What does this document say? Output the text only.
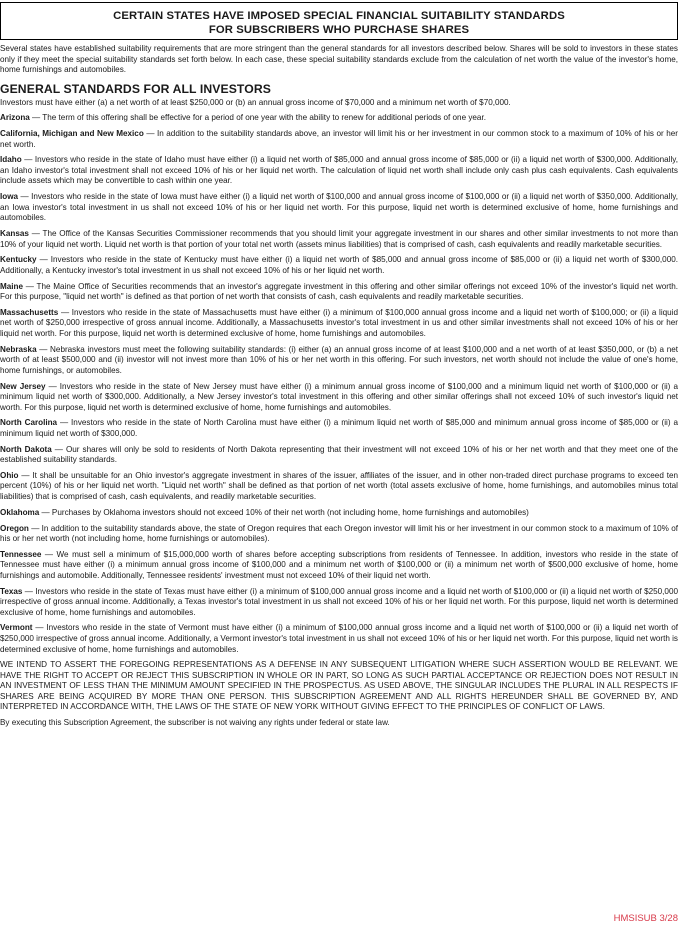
CERTAIN STATES HAVE IMPOSED SPECIAL FINANCIAL SUITABILITY STANDARDS
FOR SUBSCRIBERS WHO PURCHASE SHARES

Several states have established suitability requirements that are more stringent than the general standards for all investors described below. Shares will be sold to investors in these states only if they meet the special suitability standards set forth below. In each case, these special suitability standards exclude from the calculation of net worth the value of the investor's home, home furnishings and automobiles.

GENERAL STANDARDS FOR ALL INVESTORS

Investors must have either (a) a net worth of at least $250,000 or (b) an annual gross income of $70,000 and a minimum net worth of $70,000.

Arizona — The term of this offering shall be effective for a period of one year with the ability to renew for additional periods of one year.

California, Michigan and New Mexico — In addition to the suitability standards above, an investor will limit his or her investment in our common stock to a maximum of 10% of his or her net worth.

Idaho — Investors who reside in the state of Idaho must have either (i) a liquid net worth of $85,000 and annual gross income of $85,000 or (ii) a liquid net worth of $300,000. Additionally, an Idaho investor's total investment shall not exceed 10% of his or her liquid net worth. The calculation of liquid net worth shall include only cash plus cash equivalents. Cash equivalents include assets which may be convertible to cash within one year.

Iowa — Investors who reside in the state of Iowa must have either (i) a liquid net worth of $100,000 and annual gross income of $100,000 or (ii) a liquid net worth of $350,000. Additionally, an Iowa investor's total investment in us shall not exceed 10% of his or her liquid net worth. For this purpose, liquid net worth is determined exclusive of home, home furnishings and automobiles.

Kansas — The Office of the Kansas Securities Commissioner recommends that you should limit your aggregate investment in our shares and other similar investments to not more than 10% of your liquid net worth. Liquid net worth is that portion of your total net worth (assets minus liabilities) that is comprised of cash, cash equivalents and readily marketable securities.

Kentucky — Investors who reside in the state of Kentucky must have either (i) a liquid net worth of $85,000 and annual gross income of $85,000 or (ii) a liquid net worth of $300,000. Additionally, a Kentucky investor's total investment in us shall not exceed 10% of his or her liquid net worth.

Maine — The Maine Office of Securities recommends that an investor's aggregate investment in this offering and other similar offerings not exceed 10% of the investor's liquid net worth. For this purpose, "liquid net worth" is defined as that portion of net worth that consists of cash, cash equivalents and readily marketable securities.

Massachusetts — Investors who reside in the state of Massachusetts must have either (i) a minimum of $100,000 annual gross income and a liquid net worth of $100,000; or (ii) a liquid net worth of $250,000 irrespective of gross annual income. Additionally, a Massachusetts investor's total investment in us and other similar investments shall not exceed 10% of his or her liquid net worth. For this purpose, liquid net worth is determined exclusive of home, home furnishings and automobiles.

Nebraska — Nebraska investors must meet the following suitability standards: (i) either (a) an annual gross income of at least $100,000 and a net worth of at least $350,000, or (b) a net worth of at least $500,000 and (ii) investor will not invest more than 10% of his or her net worth in this offering. For such investors, net worth should not include the value of one's home, home furnishings, or automobiles.

New Jersey — Investors who reside in the state of New Jersey must have either (i) a minimum annual gross income of $100,000 and a minimum liquid net worth of $100,000 or (ii) a minimum liquid net worth of $300,000. Additionally, a New Jersey investor's total investment in this offering and other similar offerings shall not exceed 10% of such investor's liquid net worth. For this purpose, liquid net worth is determined exclusive of home, home furnishings and automobiles.

North Carolina — Investors who reside in the state of North Carolina must have either (i) a minimum liquid net worth of $85,000 and minimum annual gross income of $85,000 or (ii) a minimum liquid net worth of $300,000.

North Dakota — Our shares will only be sold to residents of North Dakota representing that their investment will not exceed 10% of his or her net worth and that they meet one of the established suitability standards.

Ohio — It shall be unsuitable for an Ohio investor's aggregate investment in shares of the issuer, affiliates of the issuer, and in other non-traded direct purchase programs to exceed ten percent (10%) of his or her liquid net worth. "Liquid net worth" shall be defined as that portion of net worth (total assets exclusive of home, home furnishings, and automobiles minus total liabilities) that is comprised of cash, cash equivalents, and readily marketable securities.

Oklahoma — Purchases by Oklahoma investors should not exceed 10% of their net worth (not including home, home furnishings and automobiles)

Oregon — In addition to the suitability standards above, the state of Oregon requires that each Oregon investor will limit his or her investment in our common stock to a maximum of 10% of his or her net worth (not including home, home furnishings or automobiles).

Tennessee — We must sell a minimum of $15,000,000 worth of shares before accepting subscriptions from residents of Tennessee. In addition, investors who reside in the state of Tennessee must have either (i) a minimum annual gross income of $100,000 and a minimum net worth of $100,000 or (ii) a minimum net worth of $500,000 exclusive of home, home furnishings and automobile. Additionally, Tennessee residents' investment must not exceed 10% of their liquid net worth.

Texas — Investors who reside in the state of Texas must have either (i) a minimum of $100,000 annual gross income and a liquid net worth of $100,000 or (ii) a liquid net worth of $250,000 irrespective of gross annual income. Additionally, a Texas investor's total investment in us shall not exceed 10% of his or her liquid net worth. For this purpose, liquid net worth is determined exclusive of home, home furnishings and automobiles.

Vermont — Investors who reside in the state of Vermont must have either (i) a minimum of $100,000 annual gross income and a liquid net worth of $100,000 or (ii) a liquid net worth of $250,000 irrespective of gross annual income. Additionally, a Vermont investor's total investment in us shall not exceed 10% of his or her liquid net worth. For this purpose, liquid net worth is determined exclusive of home, home furnishings and automobiles.

WE INTEND TO ASSERT THE FOREGOING REPRESENTATIONS AS A DEFENSE IN ANY SUBSEQUENT LITIGATION WHERE SUCH ASSERTION WOULD BE RELEVANT. WE HAVE THE RIGHT TO ACCEPT OR REJECT THIS SUBSCRIPTION IN WHOLE OR IN PART, SO LONG AS SUCH PARTIAL ACCEPTANCE OR REJECTION DOES NOT RESULT IN AN INVESTMENT OF LESS THAN THE MINIMUM AMOUNT SPECIFIED IN THE PROSPECTUS. AS USED ABOVE, THE SINGULAR INCLUDES THE PLURAL IN ALL RESPECTS IF SHARES ARE BEING ACQUIRED BY MORE THAN ONE PERSON. THIS SUBSCRIPTION AGREEMENT AND ALL RIGHTS HEREUNDER SHALL BE GOVERNED BY, AND INTERPRETED IN ACCORDANCE WITH, THE LAWS OF THE STATE OF NEW YORK WITHOUT GIVING EFFECT TO THE PRINCIPLES OF CONFLICT OF LAWS.

By executing this Subscription Agreement, the subscriber is not waiving any rights under federal or state law.

HMSISUB 3/28
